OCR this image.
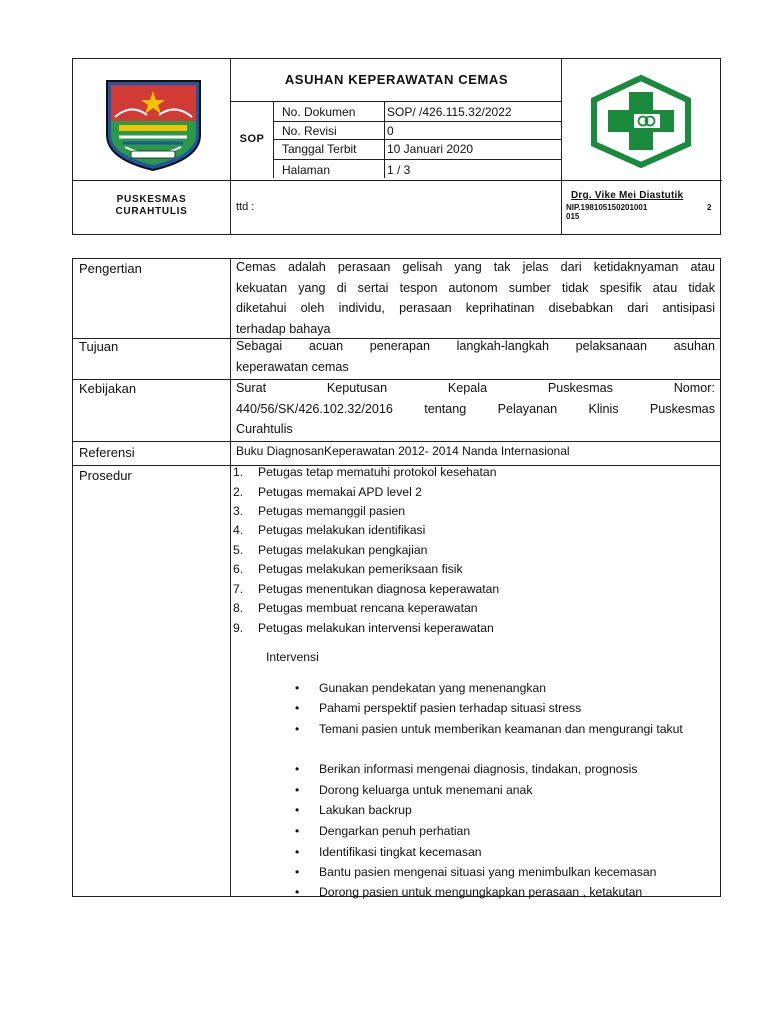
ASUHAN KEPERAWATAN CEMAS
SOP
No. Dokumen	SOP/ /426.115.32/2022
No. Revisi	0
Tanggal Terbit	10 Januari 2020
Halaman	1 / 3
PUSKESMAS
CURAHTULIS	ttd :
Drg. Vike Mei Diastutik
NIP.198105150201001	2
015
Pengertian	Cemas adalah perasaan gelisah yang tak jelas dari ketidaknyaman atau
kekuatan yang di sertai tespon autonom sumber tidak spesifik atau tidak
diketahui oleh individu, perasaan keprihatinan disebabkan dari antisipasi
terhadap bahaya
Tujuan	Sebagai acuan penerapan langkah-langkah pelaksanaan asuhan
keperawatan cemas
Kebijakan	Surat Keputusan Kepala Puskesmas Nomor:
440/56/SK/426.102.32/2016 tentang Pelayanan Klinis Puskesmas
Curahtulis
Referensi	Buku DiagnosanKeperawatan 2012- 2014 Nanda Internasional
Prosedur	1. Petugas tetap mematuhi protokol kesehatan
2. Petugas memakai APD level 2
3. Petugas memanggil pasien
4. Petugas melakukan identifikasi
5. Petugas melakukan pengkajian
6. Petugas melakukan pemeriksaan fisik
7. Petugas menentukan diagnosa keperawatan
8. Petugas membuat rencana keperawatan
9. Petugas melakukan intervensi keperawatan
Intervensi
• Gunakan pendekatan yang menenangkan
• Pahami perspektif pasien terhadap situasi stress
• Temani pasien untuk memberikan keamanan dan mengurangi takut
• Berikan informasi mengenai diagnosis, tindakan, prognosis
• Dorong keluarga untuk menemani anak
• Lakukan backrup
• Dengarkan penuh perhatian
• Identifikasi tingkat kecemasan
• Bantu pasien mengenai situasi yang menimbulkan kecemasan
• Dorong pasien untuk mengungkapkan perasaan , ketakutan
